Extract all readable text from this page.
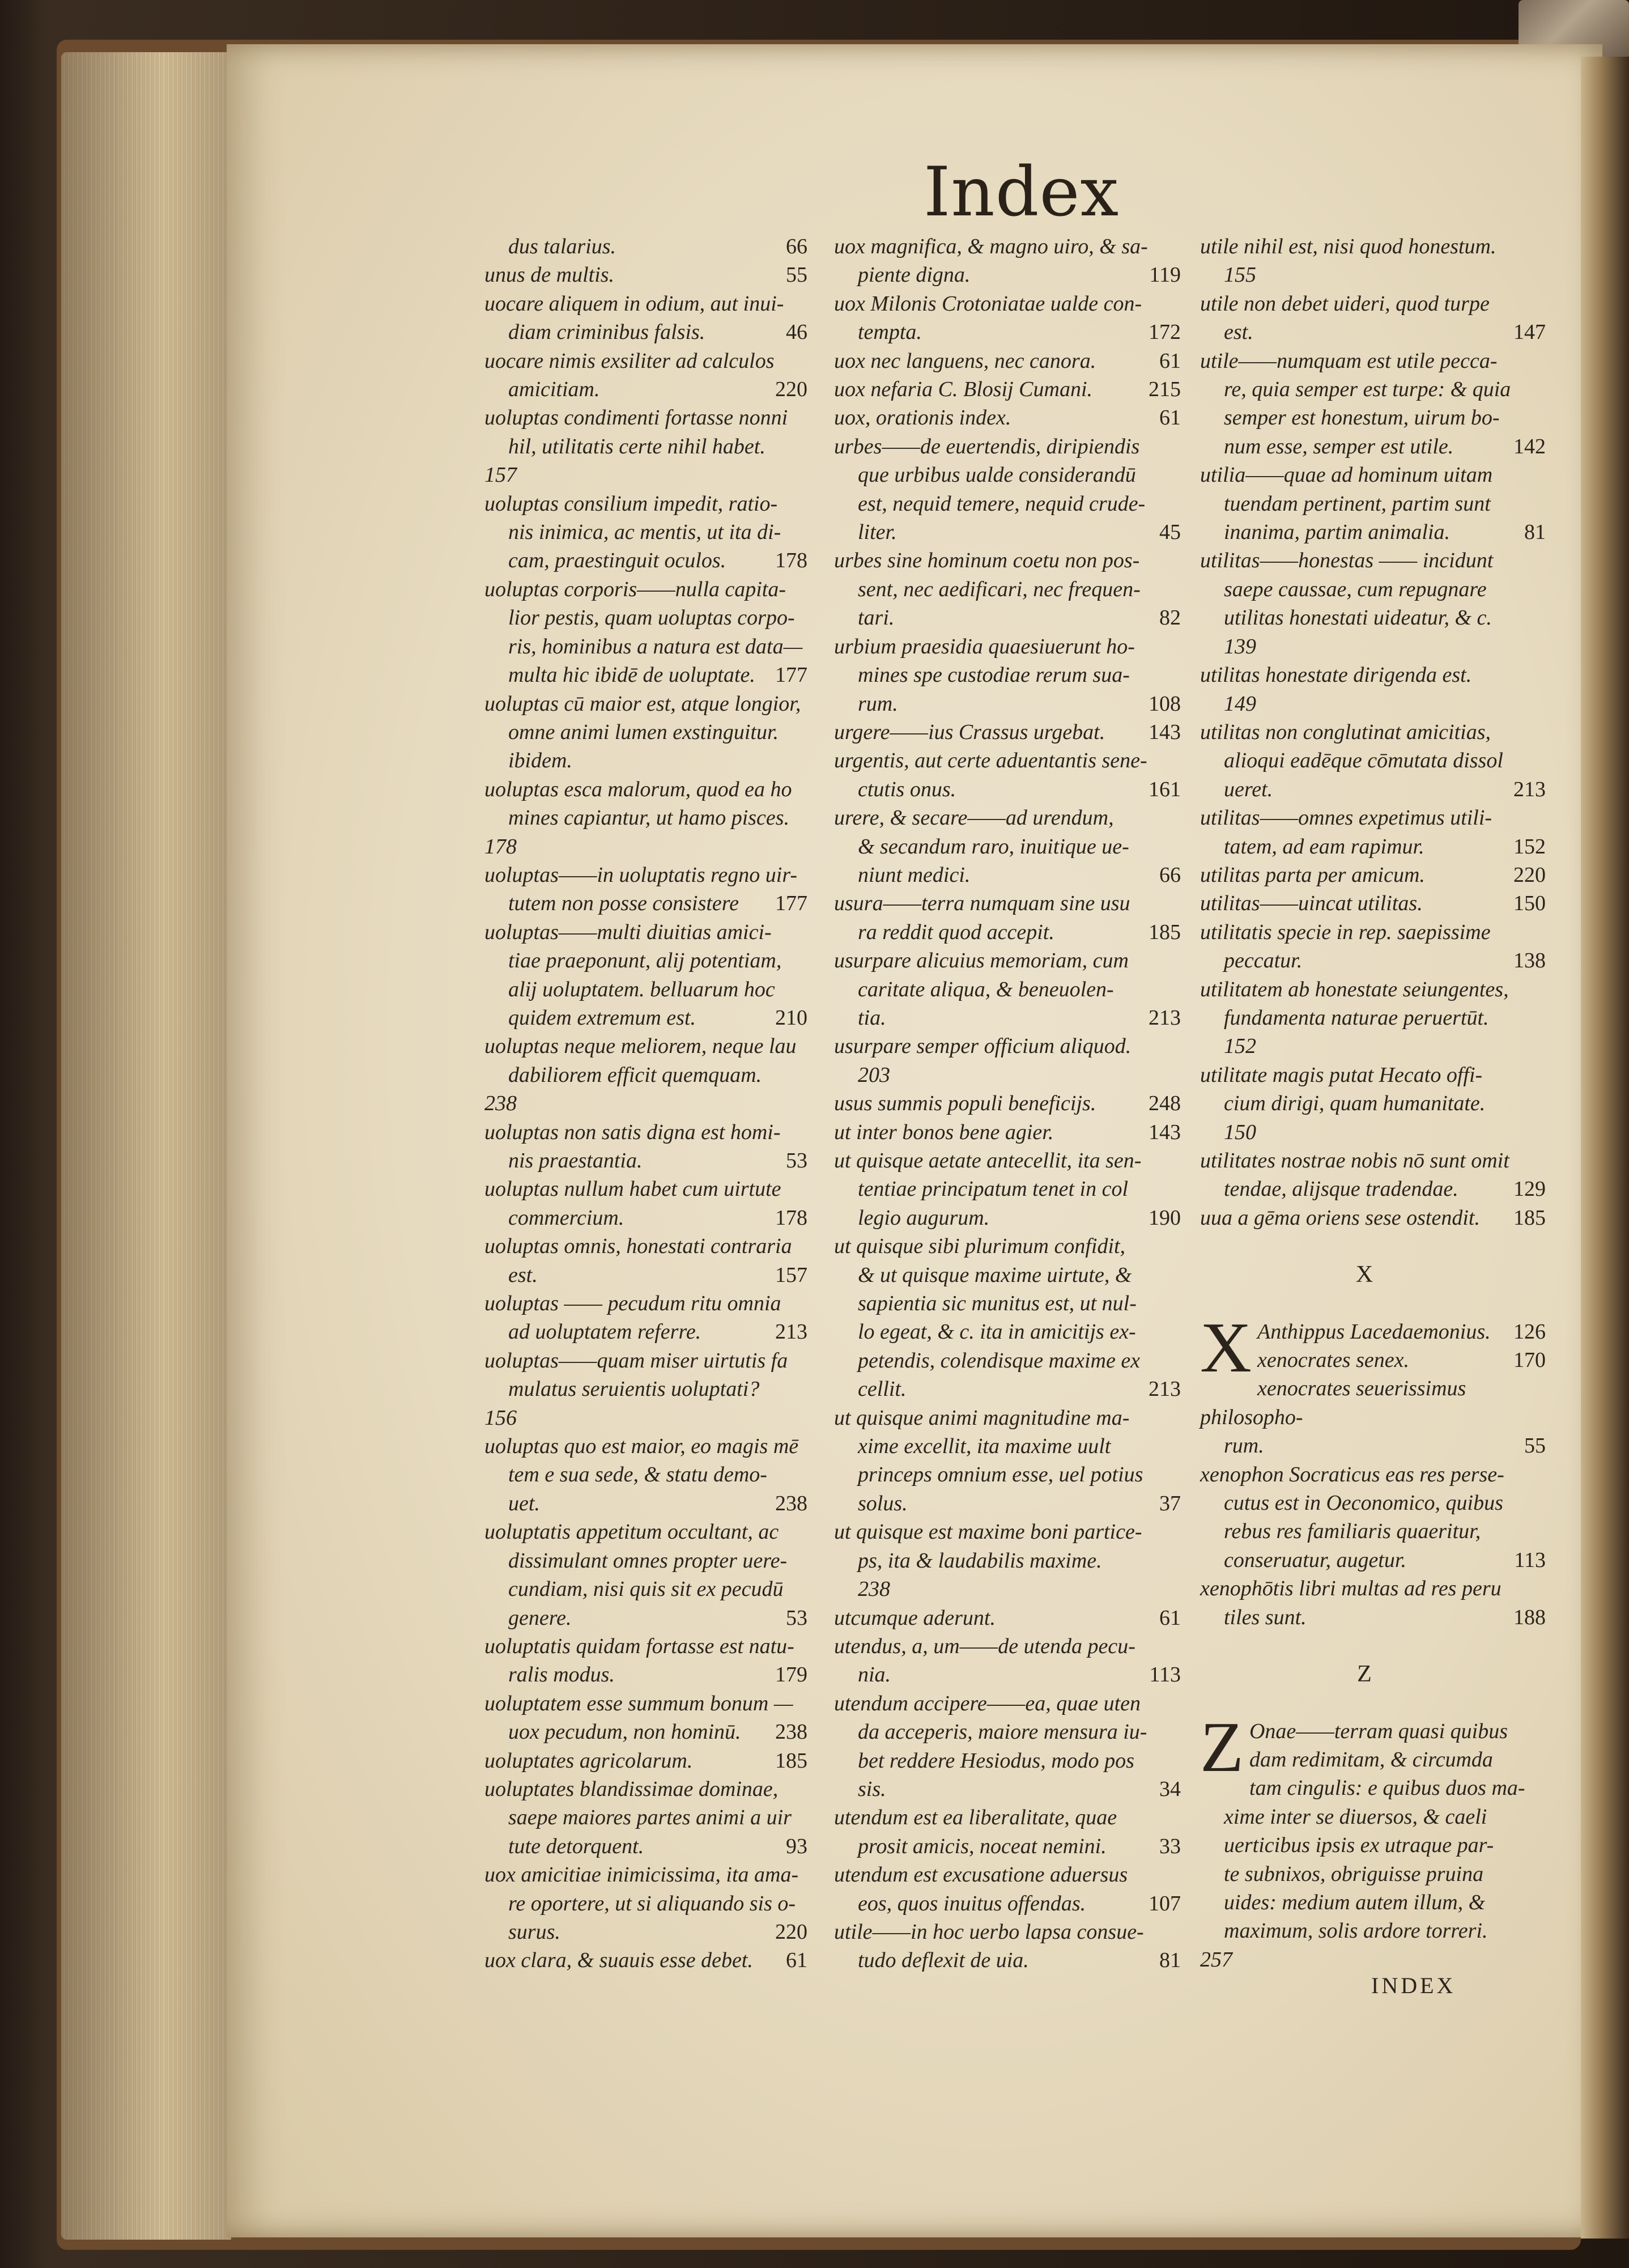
Index
66
dus talarius.
55
unus de multis.
uocare aliquem in odium, aut inui-
46
diam criminibus falsis.
uocare nimis exsiliter ad calculos
220
amicitiam.
uoluptas condimenti fortasse nonni
hil, utilitatis certe nihil habet.
157
uoluptas consilium impedit, ratio-
nis inimica, ac mentis, ut ita di-
178
cam, praestinguit oculos.
uoluptas corporis——nulla capita-
lior pestis, quam uoluptas corpo-
ris, hominibus a natura est data—
177
multa hic ibidē de uoluptate.
uoluptas cū maior est, atque longior,
omne animi lumen exstinguitur.
ibidem.
uoluptas esca malorum, quod ea ho
mines capiantur, ut hamo pisces.
178
uoluptas——in uoluptatis regno uir-
177
tutem non posse consistere
uoluptas——multi diuitias amici-
tiae praeponunt, alij potentiam,
alij uoluptatem. belluarum hoc
210
quidem extremum est.
uoluptas neque meliorem, neque lau
dabiliorem efficit quemquam.
238
uoluptas non satis digna est homi-
53
nis praestantia.
uoluptas nullum habet cum uirtute
178
commercium.
uoluptas omnis, honestati contraria
157
est.
uoluptas —— pecudum ritu omnia
213
ad uoluptatem referre.
uoluptas——quam miser uirtutis fa
mulatus seruientis uoluptati?
156
uoluptas quo est maior, eo magis mē
tem e sua sede, & statu demo-
238
uet.
uoluptatis appetitum occultant, ac
dissimulant omnes propter uere-
cundiam, nisi quis sit ex pecudū
53
genere.
uoluptatis quidam fortasse est natu-
179
ralis modus.
uoluptatem esse summum bonum —
238
uox pecudum, non hominū.
185
uoluptates agricolarum.
uoluptates blandissimae dominae,
saepe maiores partes animi a uir
93
tute detorquent.
uox amicitiae inimicissima, ita ama-
re oportere, ut si aliquando sis o-
220
surus.
61
uox clara, & suauis esse debet.
uox magnifica, & magno uiro, & sa-
119
piente digna.
uox Milonis Crotoniatae ualde con-
172
tempta.
61
uox nec languens, nec canora.
215
uox nefaria C. Blosij Cumani.
61
uox, orationis index.
urbes——de euertendis, diripiendis
que urbibus ualde considerandū
est, nequid temere, nequid crude-
45
liter.
urbes sine hominum coetu non pos-
sent, nec aedificari, nec frequen-
82
tari.
urbium praesidia quaesiuerunt ho-
mines spe custodiae rerum sua-
108
rum.
143
urgere——ius Crassus urgebat.
urgentis, aut certe aduentantis sene-
161
ctutis onus.
urere, & secare——ad urendum,
& secandum raro, inuitique ue-
66
niunt medici.
usura——terra numquam sine usu
185
ra reddit quod accepit.
usurpare alicuius memoriam, cum
caritate aliqua, & beneuolen-
213
tia.
usurpare semper officium aliquod.
203
248
usus summis populi beneficijs.
143
ut inter bonos bene agier.
ut quisque aetate antecellit, ita sen-
tentiae principatum tenet in col
190
legio augurum.
ut quisque sibi plurimum confidit,
& ut quisque maxime uirtute, &
sapientia sic munitus est, ut nul-
lo egeat, & c. ita in amicitijs ex-
petendis, colendisque maxime ex
213
cellit.
ut quisque animi magnitudine ma-
xime excellit, ita maxime uult
princeps omnium esse, uel potius
37
solus.
ut quisque est maxime boni partice-
ps, ita & laudabilis maxime.
238
61
utcumque aderunt.
utendus, a, um——de utenda pecu-
113
nia.
utendum accipere——ea, quae uten
da acceperis, maiore mensura iu-
bet reddere Hesiodus, modo pos
34
sis.
utendum est ea liberalitate, quae
33
prosit amicis, noceat nemini.
utendum est excusatione aduersus
107
eos, quos inuitus offendas.
utile——in hoc uerbo lapsa consue-
81
tudo deflexit de uia.
utile nihil est, nisi quod honestum.
155
utile non debet uideri, quod turpe
147
est.
utile——numquam est utile pecca-
re, quia semper est turpe: & quia
semper est honestum, uirum bo-
142
num esse, semper est utile.
utilia——quae ad hominum uitam
tuendam pertinent, partim sunt
81
inanima, partim animalia.
utilitas——honestas —— incidunt
saepe caussae, cum repugnare
utilitas honestati uideatur, & c.
139
utilitas honestate dirigenda est.
149
utilitas non conglutinat amicitias,
alioqui eadēque cōmutata dissol
213
ueret.
utilitas——omnes expetimus utili-
152
tatem, ad eam rapimur.
220
utilitas parta per amicum.
150
utilitas——uincat utilitas.
utilitatis specie in rep. saepissime
138
peccatur.
utilitatem ab honestate seiungentes,
fundamenta naturae peruertūt.
152
utilitate magis putat Hecato offi-
cium dirigi, quam humanitate.
150
utilitates nostrae nobis nō sunt omit
129
tendae, alijsque tradendae.
185
uua a gēma oriens sese ostendit.
X
126
X Anthippus Lacedaemonius.
170
xenocrates senex.
xenocrates seuerissimus philosopho-
55
rum.
xenophon Socraticus eas res perse-
cutus est in Oeconomico, quibus
rebus res familiaris quaeritur,
113
conseruatur, augetur.
xenophōtis libri multas ad res peru
188
tiles sunt.
Z
Z Onae——terram quasi quibus
dam redimitam, & circumda
tam cingulis: e quibus duos ma-
xime inter se diuersos, & caeli
uerticibus ipsis ex utraque par-
te subnixos, obriguisse pruina
uides: medium autem illum, &
maximum, solis ardore torreri.
257
INDEX
